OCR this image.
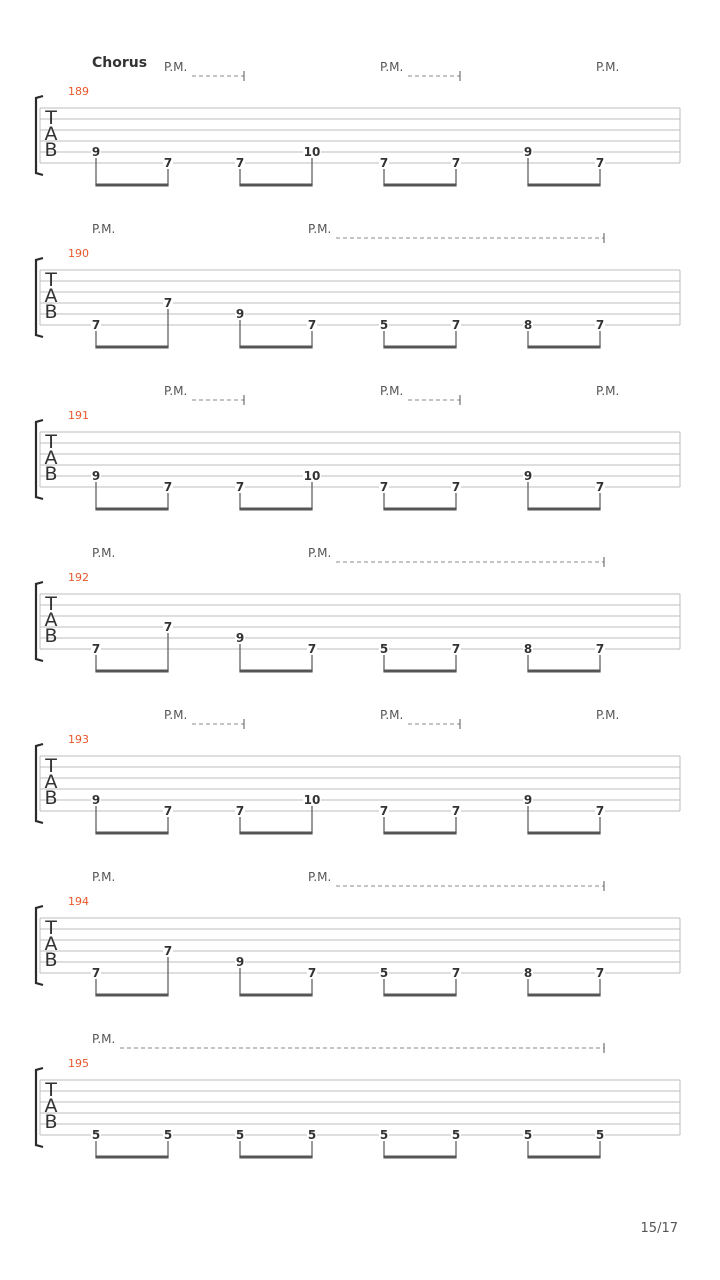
Chorus
T
A
B
189
9
7	7
10
7	7
9
7
P.M.	P.M.	P.M.
T
A
B
190
7
7
9
7	5	7	8	7
P.M.	P.M.
T
A
B
191
9
7	7
10
7	7
9
7
P.M.	P.M.	P.M.
T
A
B
192
7
7
9
7	5	7	8	7
P.M.	P.M.
T
A
B
193
9
7	7
10
7	7
9
7
P.M.	P.M.	P.M.
T
A
B
194
7
7
9
7	5	7	8	7
P.M.	P.M.
T
A
B
195
5	5	5	5	5	5	5	5
P.M.
15/17
